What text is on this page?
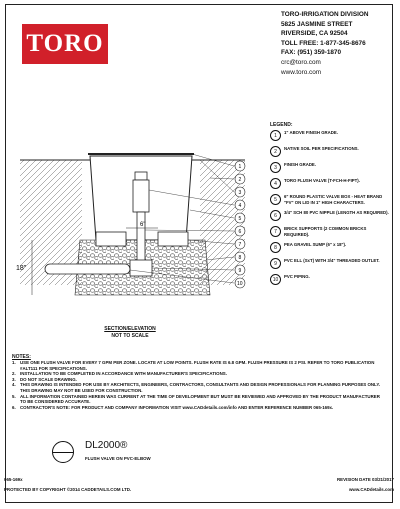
TORO
TORO-IRRIGATION DIVISION
5825 JASMINE STREET
RIVERSIDE, CA 92504
TOLL FREE: 1-877-345-8676
FAX: (951) 359-1870
crc@toro.com
www.toro.com
6"
18"
1
2
3
4
5
6
7
8
9
10
SECTION/ELEVATION
NOT TO SCALE
LEGEND:
1	1" ABOVE FINISH GRADE.
2	NATIVE SOIL PER SPECIFICATIONS.
3	FINISH GRADE.
4	TORO FLUSH VALVE (T-FCH-H-FIPT).
5	6" ROUND PLASTIC VALVE BOX - HEAT BRAND "FV" ON LID IN 1" HIGH CHARACTERS.
6	3/4" SCH 80 PVC NIPPLE (LENGTH AS REQUIRED).
7	BRICK SUPPORTS (2 COMMON BRICKS REQUIRED).
8	PEA GRAVEL SUMP (6" x 18").
9	PVC ELL (SxT) WITH 3/4" THREADED OUTLET.
10	PVC PIPING.
NOTES:
1. USE ONE FLUSH VALVE FOR EVERY 7 GPM PER ZONE. LOCATE AT LOW POINTS. FLUSH RATE IS 6.8 GPM. FLUSH PRESSURE IS 2 PSI. REFER TO TORO PUBLICATION #ALT111 FOR SPECIFICATIONS.
2. INSTALLATION TO BE COMPLETED IN ACCORDANCE WITH MANUFACTURER'S SPECIFICATIONS.
3. DO NOT SCALE DRAWING.
4. THIS DRAWING IS INTENDED FOR USE BY ARCHITECTS, ENGINEERS, CONTRACTORS, CONSULTANTS AND DESIGN PROFESSIONALS FOR PLANNING PURPOSES ONLY. THIS DRAWING MAY NOT BE USED FOR CONSTRUCTION.
5. ALL INFORMATION CONTAINED HEREIN WAS CURRENT AT THE TIME OF DEVELOPMENT BUT MUST BE REVIEWED AND APPROVED BY THE PRODUCT MANUFACTURER TO BE CONSIDERED ACCURATE.
6. CONTRACTOR'S NOTE: FOR PRODUCT AND COMPANY INFORMATION VISIT www.CADdetails.com/info AND ENTER REFERENCE NUMBER 065-169x.
DL2000®
FLUSH VALVE ON PVC-ELBOW
065-169x	REVISION DATE 03/21/2017
PROTECTED BY COPYRIGHT ©2014 CADDETAILS.COM LTD.	www.CADdetails.com
